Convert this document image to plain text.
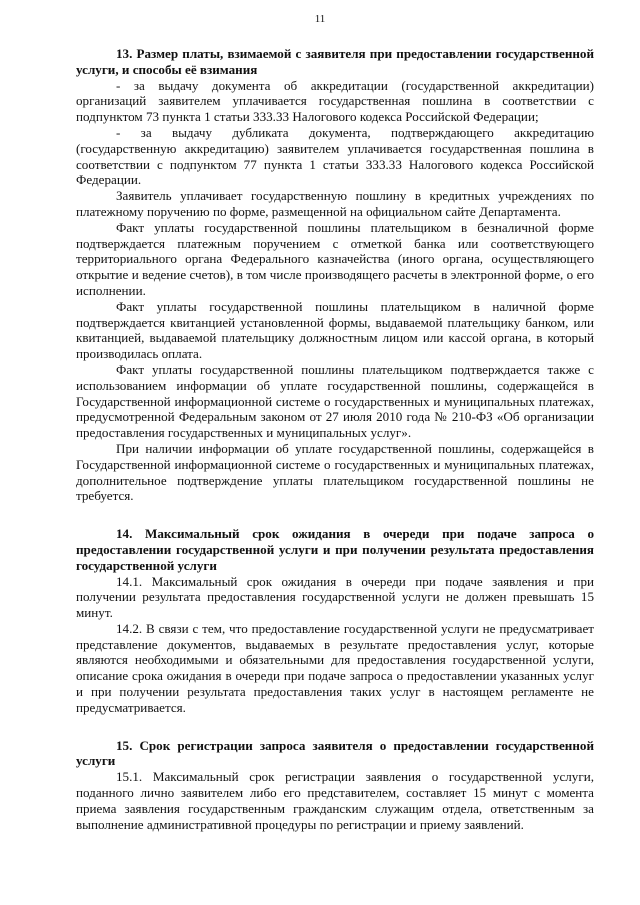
11

13. Размер платы, взимаемой с заявителя при предоставлении государственной услуги, и способы её взимания

- за выдачу документа об аккредитации (государственной аккредитации) организаций заявителем уплачивается государственная пошлина в соответствии с подпунктом 73 пункта 1 статьи 333.33 Налогового кодекса Российской Федерации;

- за выдачу дубликата документа, подтверждающего аккредитацию (государственную аккредитацию) заявителем уплачивается государственная пошлина в соответствии с подпунктом 77 пункта 1 статьи 333.33 Налогового кодекса Российской Федерации.

Заявитель уплачивает государственную пошлину в кредитных учреждениях по платежному поручению по форме, размещенной на официальном сайте Департамента.

Факт уплаты государственной пошлины плательщиком в безналичной форме подтверждается платежным поручением с отметкой банка или соответствующего территориального органа Федерального казначейства (иного органа, осуществляющего открытие и ведение счетов), в том числе производящего расчеты в электронной форме, о его исполнении.

Факт уплаты государственной пошлины плательщиком в наличной форме подтверждается квитанцией установленной формы, выдаваемой плательщику банком, или квитанцией, выдаваемой плательщику должностным лицом или кассой органа, в который производилась оплата.

Факт уплаты государственной пошлины плательщиком подтверждается также с использованием информации об уплате государственной пошлины, содержащейся в Государственной информационной системе о государственных и муниципальных платежах, предусмотренной Федеральным законом от 27 июля 2010 года № 210-ФЗ «Об организации предоставления государственных и муниципальных услуг».

При наличии информации об уплате государственной пошлины, содержащейся в Государственной информационной системе о государственных и муниципальных платежах, дополнительное подтверждение уплаты плательщиком государственной пошлины не требуется.

14. Максимальный срок ожидания в очереди при подаче запроса о предоставлении государственной услуги и при получении результата предоставления государственной услуги

14.1. Максимальный срок ожидания в очереди при подаче заявления и при получении результата предоставления государственной услуги не должен превышать 15 минут.

14.2. В связи с тем, что предоставление государственной услуги не предусматривает представление документов, выдаваемых в результате предоставления услуг, которые являются необходимыми и обязательными для предоставления государственной услуги, описание срока ожидания в очереди при подаче запроса о предоставлении указанных услуг и при получении результата предоставления таких услуг в настоящем регламенте не предусматривается.

15. Срок регистрации запроса заявителя о предоставлении государственной услуги

15.1. Максимальный срок регистрации заявления о государственной услуги, поданного лично заявителем либо его представителем, составляет 15 минут с момента приема заявления государственным гражданским служащим отдела, ответственным за выполнение административной процедуры по регистрации и приему заявлений.
